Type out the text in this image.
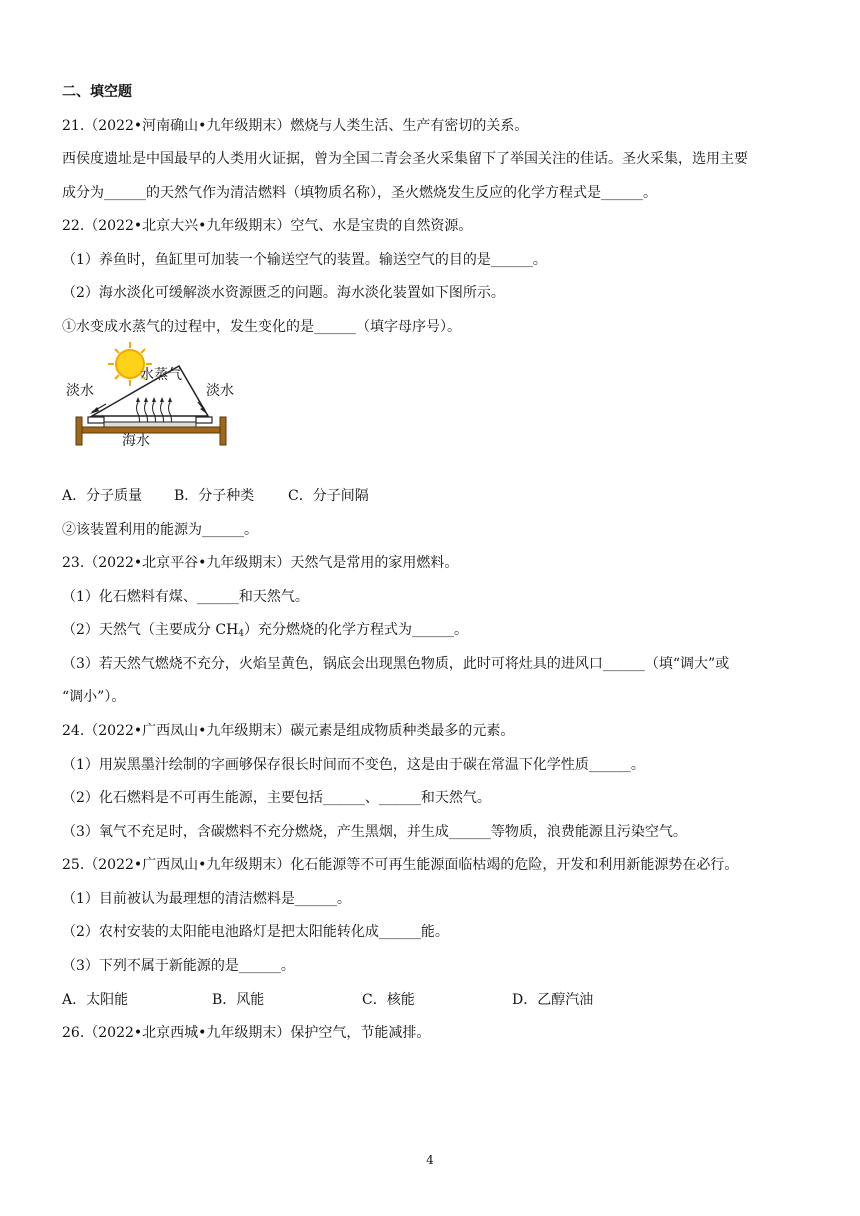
二、填空题
21.（2022•河南确山•九年级期末）燃烧与人类生活、生产有密切的关系。
西侯度遗址是中国最早的人类用火证据，曾为全国二青会圣火采集留下了举国关注的佳话。圣火采集，选用主要
成分为______的天然气作为清洁燃料（填物质名称），圣火燃烧发生反应的化学方程式是______。
22.（2022•北京大兴•九年级期末）空气、水是宝贵的自然资源。
（1）养鱼时，鱼缸里可加装一个输送空气的装置。输送空气的目的是______。
（2）海水淡化可缓解淡水资源匮乏的问题。海水淡化装置如下图所示。
①水变成水蒸气的过程中，发生变化的是______（填字母序号）。
淡水	淡水
水蒸气
海水
A．分子质量 B．分子种类 C．分子间隔
②该装置利用的能源为______。
23.（2022•北京平谷•九年级期末）天然气是常用的家用燃料。
（1）化石燃料有煤、______和天然气。
（2）天然气（主要成分 $CH_4$）充分燃烧的化学方程式为______。
（3）若天然气燃烧不充分，火焰呈黄色，锅底会出现黑色物质，此时可将灶具的进风口______（填“调大”或
“调小”）。
24.（2022•广西凤山•九年级期末）碳元素是组成物质种类最多的元素。
（1）用炭黑墨汁绘制的字画够保存很长时间而不变色，这是由于碳在常温下化学性质______。
（2）化石燃料是不可再生能源，主要包括______、______和天然气。
（3）氧气不充足时，含碳燃料不充分燃烧，产生黑烟，并生成______等物质，浪费能源且污染空气。
25.（2022•广西凤山•九年级期末）化石能源等不可再生能源面临枯竭的危险，开发和利用新能源势在必行。
（1）目前被认为最理想的清洁燃料是______。
（2）农村安装的太阳能电池路灯是把太阳能转化成______能。
（3）下列不属于新能源的是______。
A．太阳能	B．风能	C．核能	D．乙醇汽油
26.（2022•北京西城•九年级期末）保护空气，节能减排。
4
